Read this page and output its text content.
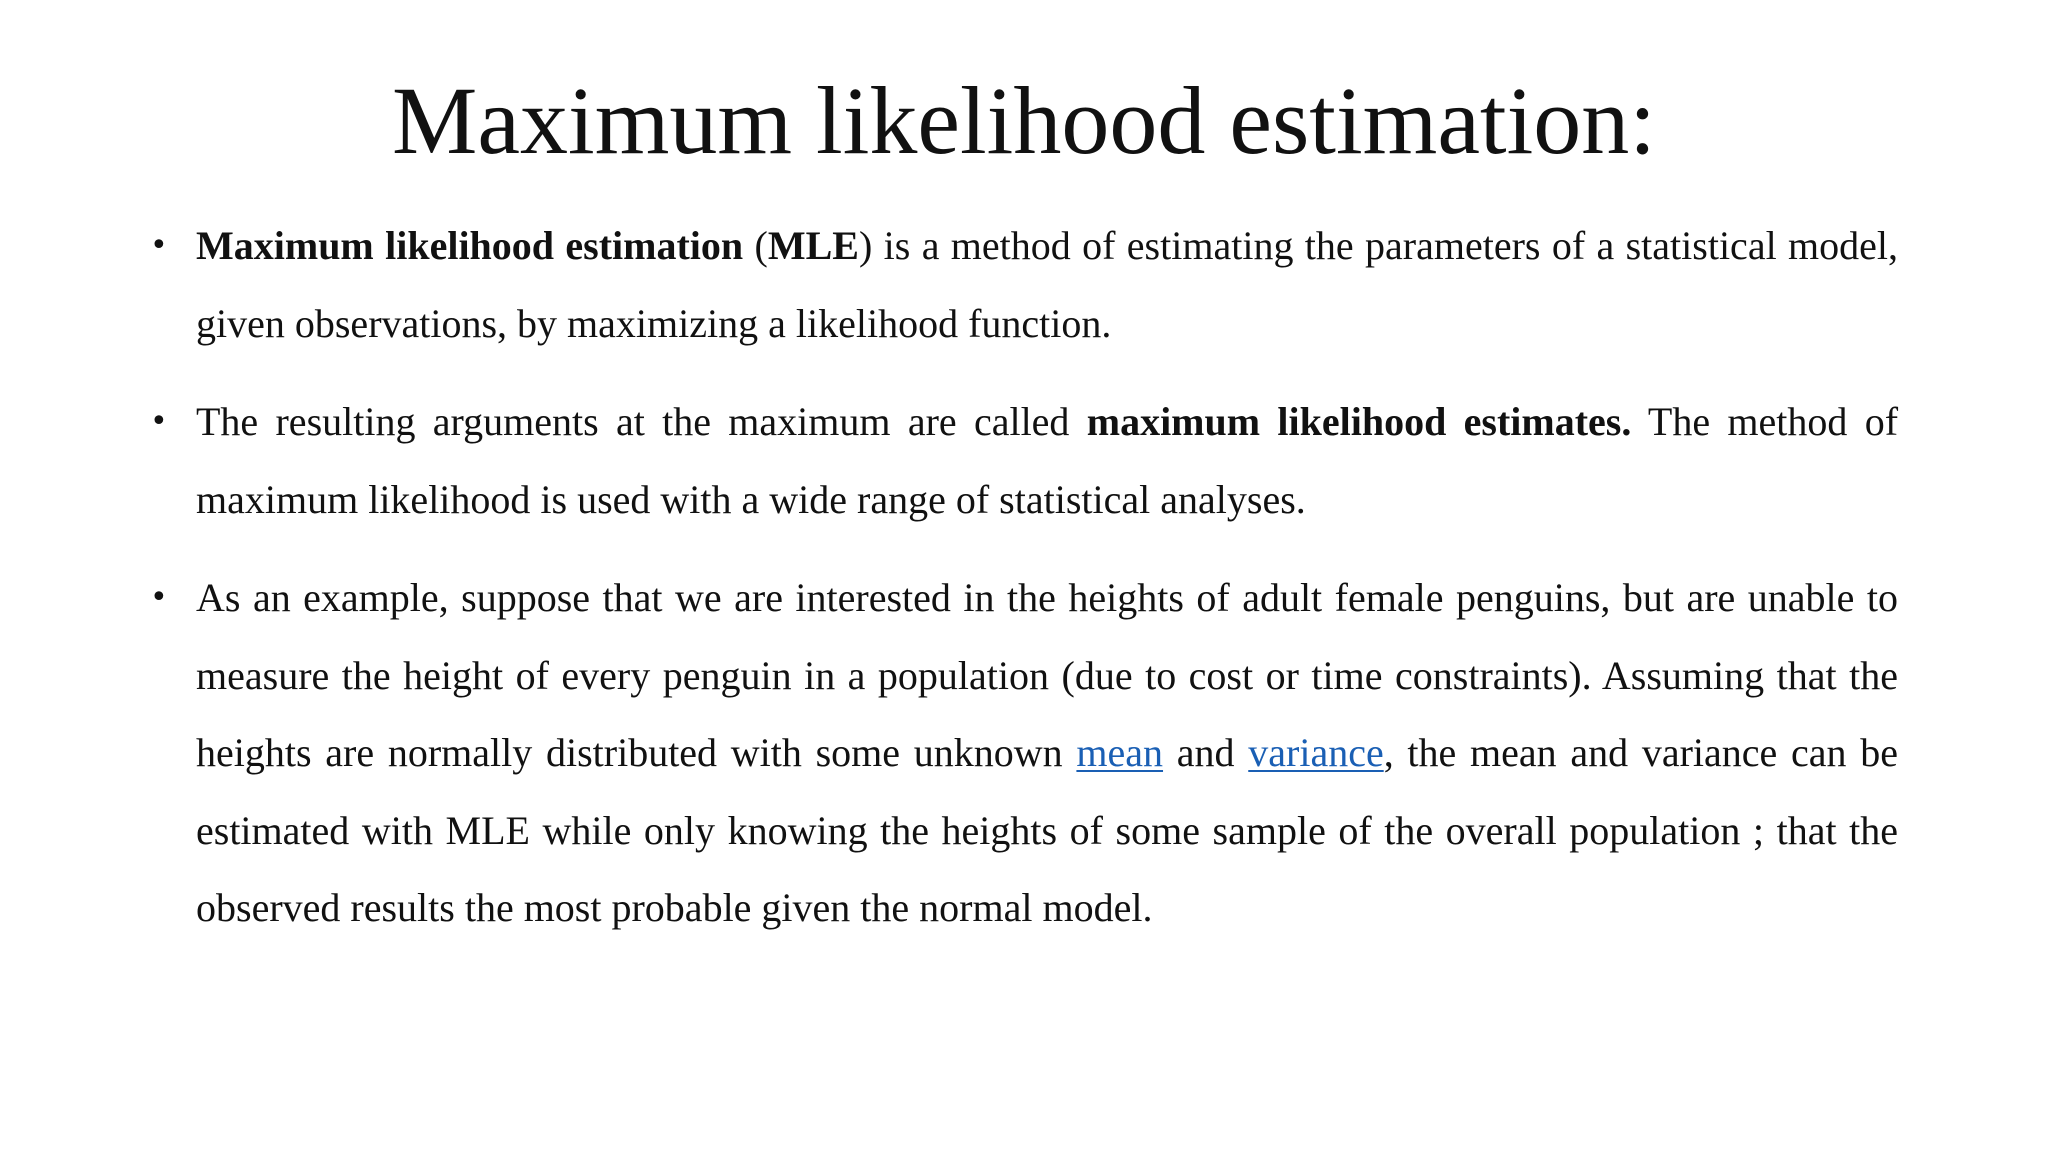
Maximum likelihood estimation:
• Maximum likelihood estimation (MLE) is a method of estimating the parameters of a statistical model, given observations, by maximizing a likelihood function.
• The resulting arguments at the maximum are called maximum likelihood estimates. The method of maximum likelihood is used with a wide range of statistical analyses.
• As an example, suppose that we are interested in the heights of adult female penguins, but are unable to measure the height of every penguin in a population (due to cost or time constraints). Assuming that the heights are normally distributed with some unknown mean and variance, the mean and variance can be estimated with MLE while only knowing the heights of some sample of the overall population ; that the observed results the most probable given the normal model.
